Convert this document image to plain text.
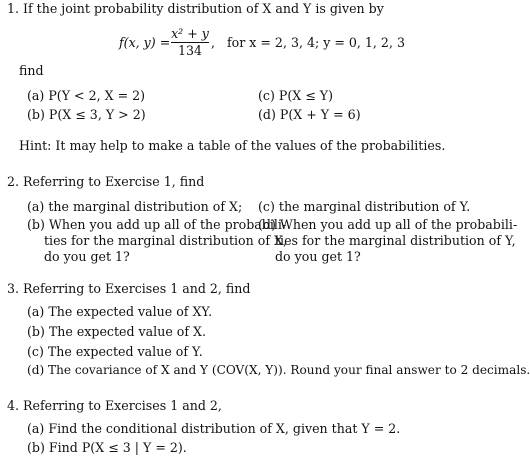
1. If the joint probability distribution of X and Y is given by
f(x, y) =
x² + y
134
, for x = 2, 3, 4; y = 0, 1, 2, 3
find
(a) P(Y < 2, X = 2)	(c) P(X ≤ Y)
(b) P(X ≤ 3, Y > 2)	(d) P(X + Y = 6)
Hint: It may help to make a table of the values of the probabilities.
2. Referring to Exercise 1, find
(a) the marginal distribution of X; (c) the marginal distribution of Y.
(b) When you add up all of the probabili-
ties for the marginal distribution of X,
do you get 1?
(d) When you add up all of the probabili-
ties for the marginal distribution of Y,
do you get 1?
3. Referring to Exercises 1 and 2, find
(a) The expected value of XY.
(b) The expected value of X.
(c) The expected value of Y.
(d) The covariance of X and Y (COV(X, Y)). Round your final answer to 2 decimals.
4. Referring to Exercises 1 and 2,
(a) Find the conditional distribution of X, given that Y = 2.
(b) Find P(X ≤ 3 | Y = 2).
